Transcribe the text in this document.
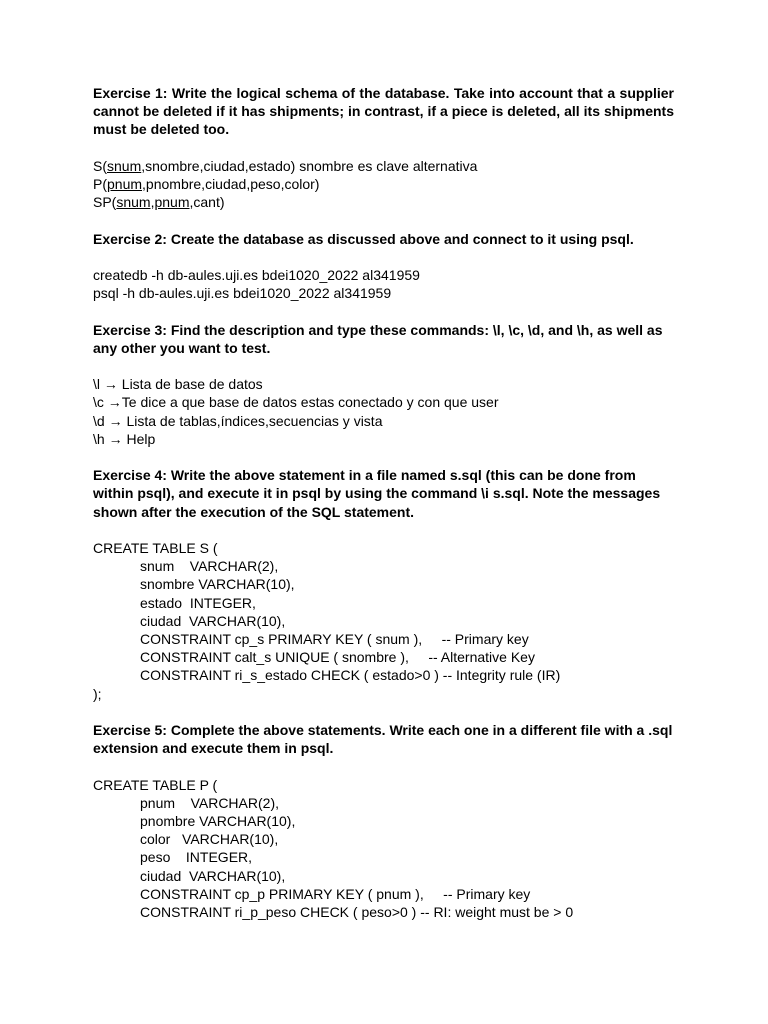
Exercise 1: Write the logical schema of the database. Take into account that a supplier cannot be deleted if it has shipments; in contrast, if a piece is deleted, all its shipments must be deleted too.

S(snum,snombre,ciudad,estado) snombre es clave alternativa
P(pnum,pnombre,ciudad,peso,color)
SP(snum,pnum,cant)

Exercise 2: Create the database as discussed above and connect to it using psql.

createdb -h db-aules.uji.es bdei1020_2022 al341959
psql -h db-aules.uji.es bdei1020_2022 al341959

Exercise 3: Find the description and type these commands: \l, \c, \d, and \h, as well as any other you want to test.

\l → Lista de base de datos
\c →Te dice a que base de datos estas conectado y con que user
\d → Lista de tablas,índices,secuencias y vista
\h → Help

Exercise 4: Write the above statement in a file named s.sql (this can be done from within psql), and execute it in psql by using the command \i s.sql. Note the messages shown after the execution of the SQL statement.

CREATE TABLE S (
snum    VARCHAR(2),
snombre VARCHAR(10),
estado  INTEGER,
ciudad  VARCHAR(10),
CONSTRAINT cp_s PRIMARY KEY ( snum ),     -- Primary key
CONSTRAINT calt_s UNIQUE ( snombre ),     -- Alternative Key
CONSTRAINT ri_s_estado CHECK ( estado>0 ) -- Integrity rule (IR)
);

Exercise 5: Complete the above statements. Write each one in a different file with a .sql extension and execute them in psql.

CREATE TABLE P (
pnum    VARCHAR(2),
pnombre VARCHAR(10),
color   VARCHAR(10),
peso    INTEGER,
ciudad  VARCHAR(10),
CONSTRAINT cp_p PRIMARY KEY ( pnum ),     -- Primary key
CONSTRAINT ri_p_peso CHECK ( peso>0 ) -- RI: weight must be > 0
